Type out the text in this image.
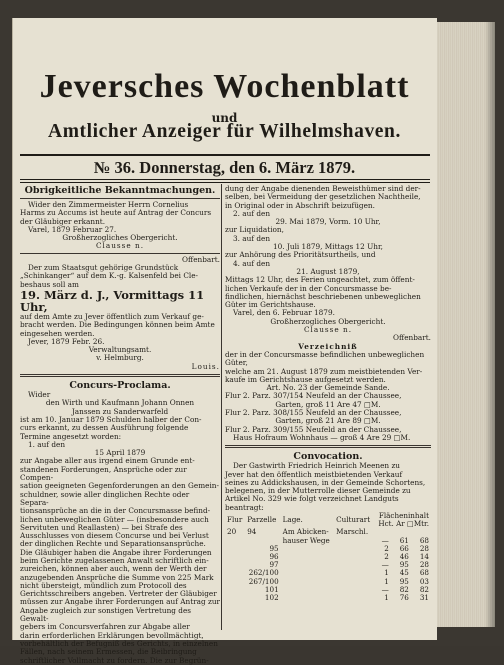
Jeversches Wochenblatt
und
Amtlicher Anzeiger für Wilhelmshaven.
№ 36. Donnerstag, den 6. März 1879.

Obrigkeitliche Bekanntmachungen.

Wider den Zimmermeister Herrn Cornelius

Harms zu Accums ist heute auf Antrag der Concurs

der Gläubiger erkannt.

Varel, 1879 Februar 27.

Großherzogliches Obergericht.

Clausse n.

Offenbart.

Der zum Staatsgut gehörige Grundstück

„Schinkanger“ auf dem K.-g. Kalsenfeld bei Cle-

beshaus soll am

19. März d. J., Vormittags 11 Uhr,

auf dem Amte zu Jever öffentlich zum Verkauf ge-

bracht werden. Die Bedingungen können beim Amte

eingesehen werden.

Jever, 1879 Febr. 26.

Verwaltungsamt.

v. Helmburg.

Louis.

Concurs-Proclama.

Wider

den Wirth und Kaufmann Johann Onnen

Janssen zu Sanderwarfeld

ist am 10. Januar 1879 Schulden halber der Con-

curs erkannt, zu dessen Ausführung folgende

Termine angesetzt worden:

1. auf den

15 April 1879

zur Angabe aller aus irgend einem Grunde ent-

standenen Forderungen, Ansprüche oder zur Compen-

sation geeigneten Gegenforderungen an den Gemein-

schuldner, sowie aller dinglichen Rechte oder Separa-

tionsansprüche an die in der Concursmasse befind-

lichen unbeweglichen Güter — (insbesondere auch

Servituten und Reallasten) — bei Strafe des

Ausschlusses von diesem Concurse und bei Verlust

der dinglichen Rechte und Separationsansprüche.

Die Gläubiger haben die Angabe ihrer Forderungen

beim Gerichte zugelassenen Anwalt schriftlich ein-

zureichen, können aber auch, wenn der Werth der

anzugebenden Ansprüche die Summe von 225 Mark

nicht übersteigt, mündlich zum Protocoll des

Gerichtsschreibers angeben. Vertreter der Gläubiger

müssen zur Angabe ihrer Forderungen auf Antrag zur

Angabe zugleich zur sonstigen Vertretung des Gewalt-

gebers im Concursverfahren zur Abgabe aller

darin erforderlichen Erklärungen bevollmächtigt,

vorbehältlich der Befugniß des Gerichts, in einzelnen

Fällen, nach seinem Ermessen, die Beibringung

schriftlicher Vollmacht zu fordern. Die zur Begrün-

dung der Angabe dienenden Beweisthümer sind der-

selben, bei Vermeidung der gesetzlichen Nachtheile,

in Original oder in Abschrift beizufügen.

2. auf den

29. Mai 1879, Vorm. 10 Uhr,

zur Liquidation,

3. auf den

10. Juli 1879, Mittags 12 Uhr,

zur Anhörung des Prioritätsurtheils, und

4. auf den

21. August 1879,

Mittags 12 Uhr, des Ferien ungeachtet, zum öffent-

lichen Verkaufe der in der Concursmasse be-

findlichen, hiernächst beschriebenen unbeweglichen

Güter im Gerichtshause.

Varel, den 6. Februar 1879.

Großherzogliches Obergericht.

Clausse n.

Offenbart.

Verzeichniß

der in der Concursmasse befindlichen unbeweglichen Güter,

welche am 21. August 1879 zum meistbietenden Ver-

kaufe im Gerichtshause aufgesetzt werden.

Art. No. 23 der Gemeinde Sande.

Flur 2. Parz. 307/154 Neufeld an der Chaussee,

Garten, groß 11 Are 47 □M.

Flur 2. Parz. 308/155 Neufeld an der Chaussee,

Garten, groß 21 Are 89 □M.

Flur 2. Parz. 309/155 Neufeld an der Chaussee,

Haus Hofraum Wohnhaus — groß 4 Are 29 □M.

Convocation.

Der Gastwirth Friedrich Heinrich Meenen zu

Jever hat den öffentlich meistbietenden Verkauf

seines zu Addickshausen, in der Gemeinde Schortens,

belegenen, in der Mutterrolle dieser Gemeinde zu

Artikel No. 329 wie folgt verzeichnet Landguts

beantragt:

Flur	Parzelle	Lage.	Culturart	Flächeninhalt
Hct. Ar □Mtr.		
20	94	Am Abicken-	Marschl.			
		hauser Wege		—	61	68
	95			2	66	28
	96			2	46	14
	97			—	95	28
	262/100			1	45	68
	267/100			1	95	03
	101			—	82	82
	102			1	76	31
